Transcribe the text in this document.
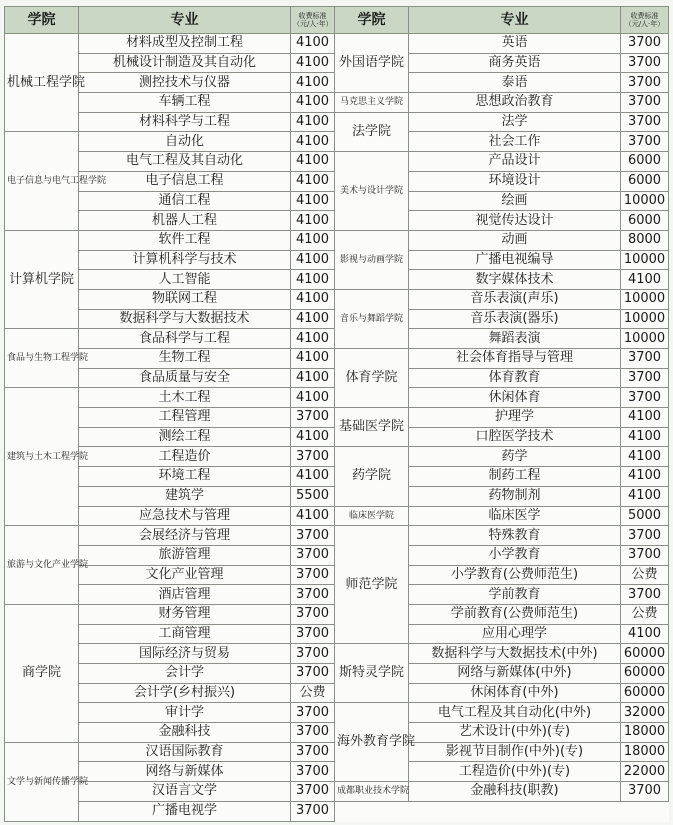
学院	专业	收费标准（元/人·年）	学院	专业	收费标准（元/人·年）
机械工程学院	材料成型及控制工程	4100	外国语学院	英语	3700
	机械设计制造及其自动化	4100		商务英语	3700
	测控技术与仪器	4100		泰语	3700
	车辆工程	4100	马克思主义学院	思想政治教育	3700
	材料科学与工程	4100	法学院	法学	3700
电子信息与电气工程学院	自动化	4100		社会工作	3700
	电气工程及其自动化	4100	美术与设计学院	产品设计	6000
	电子信息工程	4100		环境设计	6000
	通信工程	4100		绘画	10000
	机器人工程	4100		视觉传达设计	6000
计算机学院	软件工程	4100	影视与动画学院	动画	8000
	计算机科学与技术	4100		广播电视编导	10000
	人工智能	4100		数字媒体技术	4100
	物联网工程	4100	音乐与舞蹈学院	音乐表演(声乐)	10000
	数据科学与大数据技术	4100		音乐表演(器乐)	10000
食品与生物工程学院	食品科学与工程	4100		舞蹈表演	10000
	生物工程	4100	体育学院	社会体育指导与管理	3700
	食品质量与安全	4100		体育教育	3700
建筑与土木工程学院	土木工程	4100		休闲体育	3700
	工程管理	3700	基础医学院	护理学	4100
	测绘工程	4100		口腔医学技术	4100
	工程造价	3700	药学院	药学	4100
	环境工程	4100		制药工程	4100
	建筑学	5500		药物制剂	4100
	应急技术与管理	4100	临床医学院	临床医学	5000
旅游与文化产业学院	会展经济与管理	3700	师范学院	特殊教育	3700
	旅游管理	3700		小学教育	3700
	文化产业管理	3700		小学教育(公费师范生)	公费
	酒店管理	3700		学前教育	3700
商学院	财务管理	3700		学前教育(公费师范生)	公费
	工商管理	3700		应用心理学	4100
	国际经济与贸易	3700	斯特灵学院	数据科学与大数据技术(中外)	60000
	会计学	3700		网络与新媒体(中外)	60000
	会计学(乡村振兴)	公费		休闲体育(中外)	60000
	审计学	3700	海外教育学院	电气工程及其自动化(中外)	32000
	金融科技	3700		艺术设计(中外)(专)	18000
文学与新闻传播学院	汉语国际教育	3700		影视节目制作(中外)(专)	18000
	网络与新媒体	3700		工程造价(中外)(专)	22000
	汉语言文学	3700	成都职业技术学院	金融科技(职教)	3700
	广播电视学	3700			
